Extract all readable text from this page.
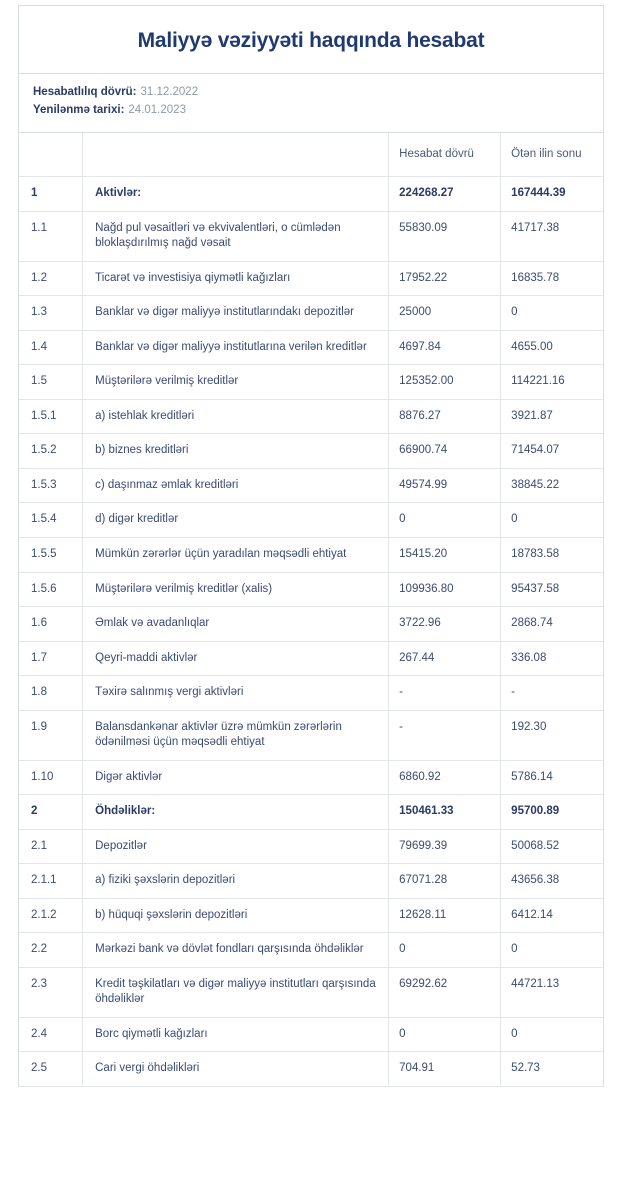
Maliyyə vəziyyəti haqqında hesabat
Hesabatlılıq dövrü: 31.12.2022
Yenilənmə tarixi: 24.01.2023
		Hesabat dövrü	Ötən ilin sonu
1	Aktivlər:	224268.27	167444.39
1.1	Nağd pul vəsaitləri və ekvivalentləri, o cümlədən bloklaşdırılmış nağd vəsait	55830.09	41717.38
1.2	Ticarət və investisiya qiymətli kağızları	17952.22	16835.78
1.3	Banklar və digər maliyyə institutlarındakı depozitlər	25000	0
1.4	Banklar və digər maliyyə institutlarına verilən kreditlər	4697.84	4655.00
1.5	Müştərilərə verilmiş kreditlər	125352.00	114221.16
1.5.1	a) istehlak kreditləri	8876.27	3921.87
1.5.2	b) biznes kreditləri	66900.74	71454.07
1.5.3	c) daşınmaz əmlak kreditləri	49574.99	38845.22
1.5.4	d) digər kreditlər	0	0
1.5.5	Mümkün zərərlər üçün yaradılan məqsədli ehtiyat	15415.20	18783.58
1.5.6	Müştərilərə verilmiş kreditlər (xalis)	109936.80	95437.58
1.6	Əmlak və avadanlıqlar	3722.96	2868.74
1.7	Qeyri-maddi aktivlər	267.44	336.08
1.8	Təxirə salınmış vergi aktivləri	-	-
1.9	Balansdankənar aktivlər üzrə mümkün zərərlərin ödənilməsi üçün məqsədli ehtiyat	-	192.30
1.10	Digər aktivlər	6860.92	5786.14
2	Öhdəliklər:	150461.33	95700.89
2.1	Depozitlər	79699.39	50068.52
2.1.1	a) fiziki şəxslərin depozitləri	67071.28	43656.38
2.1.2	b) hüquqi şəxslərin depozitləri	12628.11	6412.14
2.2	Mərkəzi bank və dövlət fondları qarşısında öhdəliklər	0	0
2.3	Kredit təşkilatları və digər maliyyə institutları qarşısında öhdəliklər	69292.62	44721.13
2.4	Borc qiymətli kağızları	0	0
2.5	Cari vergi öhdəlikləri	704.91	52.73
